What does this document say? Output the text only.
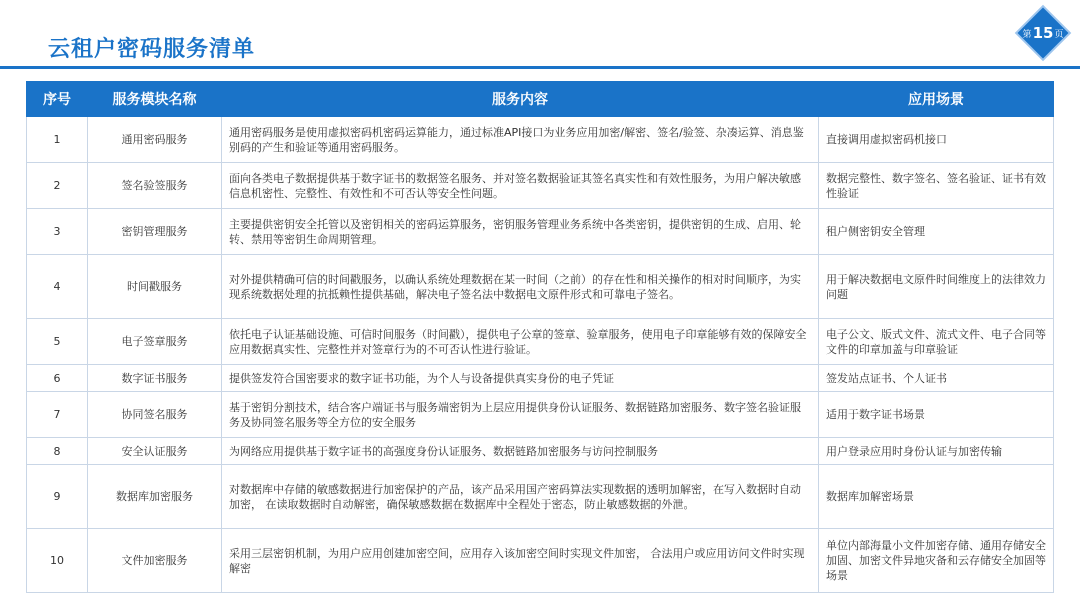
云租户密码服务清单
第 15 页
序号	服务模块名称	服务内容	应用场景
1	通用密码服务	通用密码服务是使用虚拟密码机密码运算能力，通过标准API接口为业务应用加密/解密、签名/验签、杂凑运算、消息鉴别码的产生和验证等通用密码服务。	直接调用虚拟密码机接口
2	签名验签服务	面向各类电子数据提供基于数字证书的数据签名服务、并对签名数据验证其签名真实性和有效性服务，为用户解决敏感信息机密性、完整性、有效性和不可否认等安全性问题。	数据完整性、数字签名、签名验证、证书有效性验证
3	密钥管理服务	主要提供密钥安全托管以及密钥相关的密码运算服务，密钥服务管理业务系统中各类密钥，提供密钥的生成、启用、轮转、禁用等密钥生命周期管理。	租户侧密钥安全管理
4	时间戳服务	对外提供精确可信的时间戳服务，以确认系统处理数据在某一时间（之前）的存在性和相关操作的相对时间顺序，为实现系统数据处理的抗抵赖性提供基础，解决电子签名法中数据电文原件形式和可靠电子签名。	用于解决数据电文原件时间维度上的法律效力问题
5	电子签章服务	依托电子认证基础设施、可信时间服务（时间戳），提供电子公章的签章、验章服务，使用电子印章能够有效的保障安全应用数据真实性、完整性并对签章行为的不可否认性进行验证。	电子公文、版式文件、流式文件、电子合同等文件的印章加盖与印章验证
6	数字证书服务	提供签发符合国密要求的数字证书功能，为个人与设备提供真实身份的电子凭证	签发站点证书、个人证书
7	协同签名服务	基于密钥分割技术，结合客户端证书与服务端密钥为上层应用提供身份认证服务、数据链路加密服务、数字签名验证服务及协同签名服务等全方位的安全服务	适用于数字证书场景
8	安全认证服务	为网络应用提供基于数字证书的高强度身份认证服务、数据链路加密服务与访问控制服务	用户登录应用时身份认证与加密传输
9	数据库加密服务	对数据库中存储的敏感数据进行加密保护的产品，该产品采用国产密码算法实现数据的透明加解密，在写入数据时自动加密， 在读取数据时自动解密，确保敏感数据在数据库中全程处于密态，防止敏感数据的外泄。	数据库加解密场景
10	文件加密服务	采用三层密钥机制，为用户应用创建加密空间，应用存入该加密空间时实现文件加密， 合法用户或应用访问文件时实现解密	单位内部海量小文件加密存储、通用存储安全加固、加密文件异地灾备和云存储安全加固等场景
